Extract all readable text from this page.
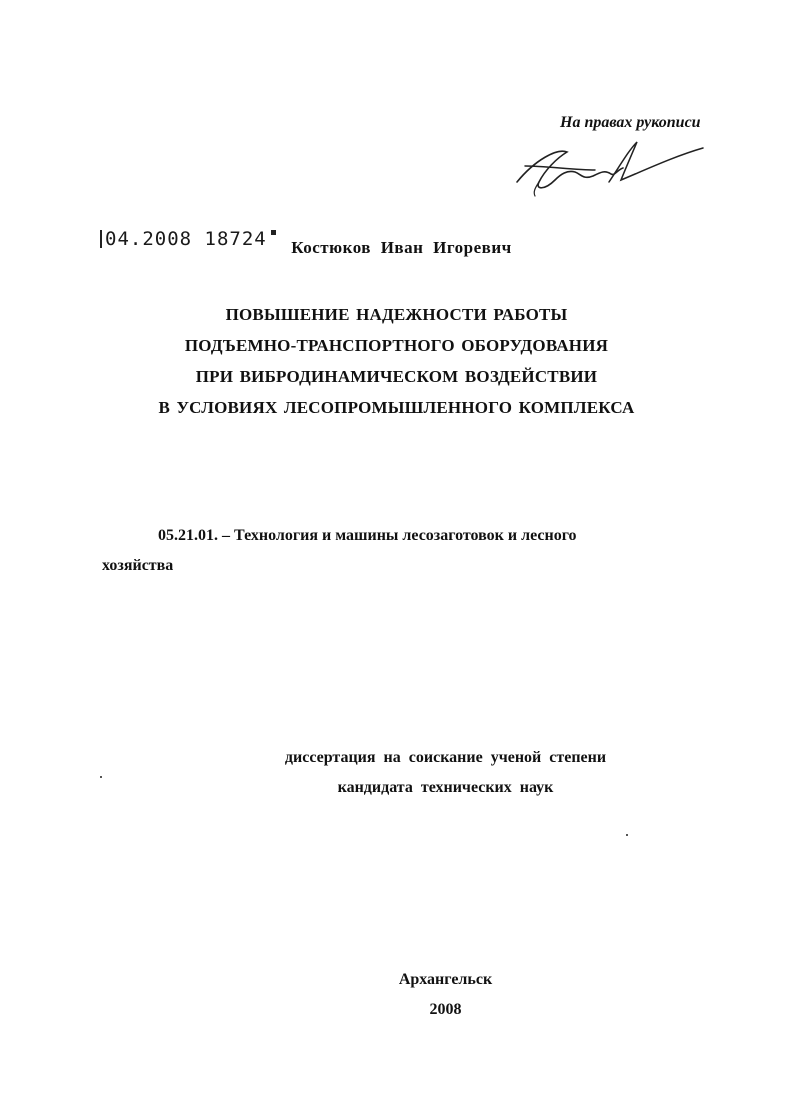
На правах рукописи
04.2008 18724	Костюков Иван Игоревич
ПОВЫШЕНИЕ НАДЕЖНОСТИ РАБОТЫ
ПОДЪЕМНО-ТРАНСПОРТНОГО ОБОРУДОВАНИЯ
ПРИ ВИБРОДИНАМИЧЕСКОМ ВОЗДЕЙСТВИИ
В УСЛОВИЯХ ЛЕСОПРОМЫШЛЕННОГО КОМПЛЕКСА
05.21.01. – Технология и машины лесозаготовок и лесного
хозяйства
диссертация на соискание ученой степени
кандидата технических наук
Архангельск
2008
